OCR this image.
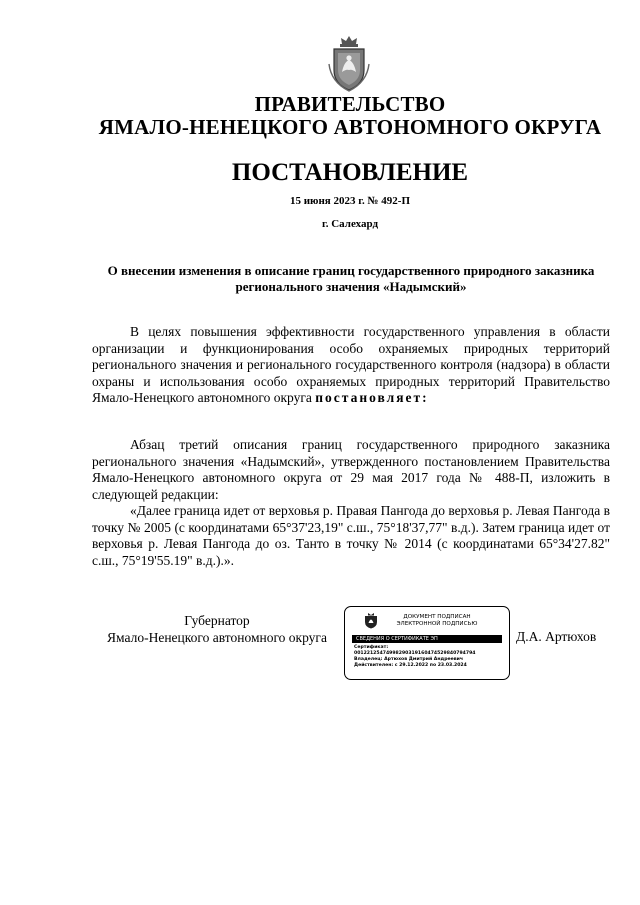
ПРАВИТЕЛЬСТВО
ЯМАЛО-НЕНЕЦКОГО АВТОНОМНОГО ОКРУГА
ПОСТАНОВЛЕНИЕ
15 июня 2023 г. № 492-П
г. Салехард
О внесении изменения в описание границ государственного природного заказника регионального значения «Надымский»

В целях повышения эффективности государственного управления в области организации и функционирования особо охраняемых природных территорий регионального значения и регионального государственного контроля (надзора) в области охраны и использования особо охраняемых природных территорий Правительство Ямало-Ненецкого автономного округа постановляет:

Абзац третий описания границ государственного природного заказника регионального значения «Надымский», утвержденного постановлением Правительства Ямало-Ненецкого автономного округа от 29 мая 2017 года № 488-П, изложить в следующей редакции:

«Далее граница идет от верховья р. Правая Пангода до верховья р. Левая Пангода в точку № 2005 (с координатами 65°37'23,19" с.ш., 75°18'37,77" в.д.). Затем граница идет от верховья р. Левая Пангода до оз. Танто в точку № 2014 (с координатами 65°34'27.82" с.ш., 75°19'55.19" в.д.).».

Губернатор
Ямало-Ненецкого автономного округа
ДОКУМЕНТ ПОДПИСАН
ЭЛЕКТРОННОЙ ПОДПИСЬЮ
СВЕДЕНИЯ О СЕРТИФИКАТЕ ЭП
Сертификат:
00122125474998290319160474529840794794
Владелец: Артюхов Дмитрий Андреевич
Действителен: с 29.12.2022 по 23.03.2024
Д.А. Артюхов
